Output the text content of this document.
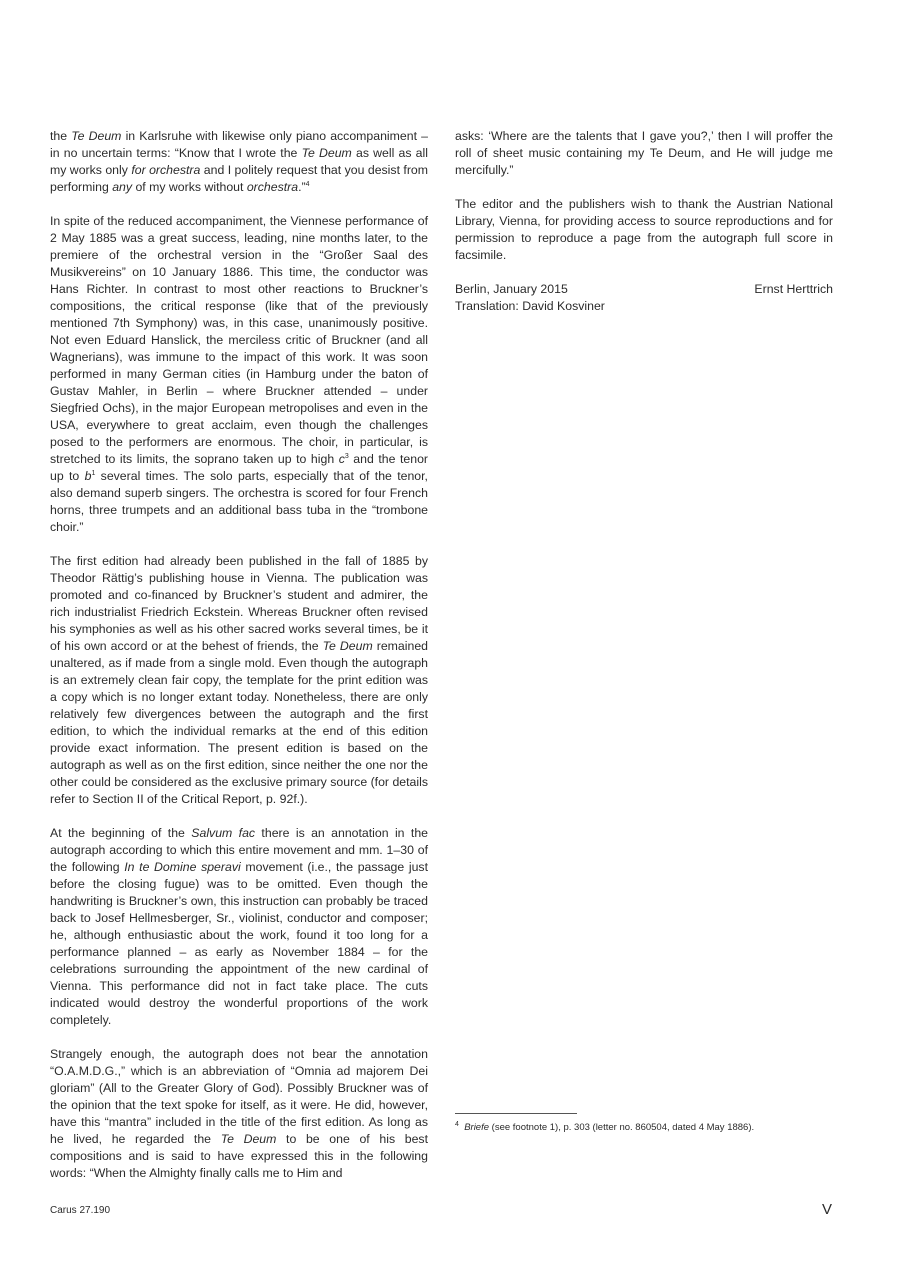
the Te Deum in Karlsruhe with likewise only piano accompaniment – in no uncertain terms: “Know that I wrote the Te Deum as well as all my works only for orchestra and I politely request that you desist from performing any of my works without orchestra.”$^4$

In spite of the reduced accompaniment, the Viennese performance of 2 May 1885 was a great success, leading, nine months later, to the premiere of the orchestral version in the “Großer Saal des Musikvereins” on 10 January 1886. This time, the conductor was Hans Richter. In contrast to most other reactions to Bruckner’s compositions, the critical response (like that of the previously mentioned 7th Symphony) was, in this case, unanimously positive. Not even Eduard Hanslick, the merciless critic of Bruckner (and all Wagnerians), was immune to the impact of this work. It was soon performed in many German cities (in Hamburg under the baton of Gustav Mahler, in Berlin – where Bruckner attended – under Siegfried Ochs), in the major European metropolises and even in the USA, everywhere to great acclaim, even though the challenges posed to the performers are enormous. The choir, in particular, is stretched to its limits, the soprano taken up to high $c^3$ and the tenor up to $b^1$ several times. The solo parts, especially that of the tenor, also demand superb singers. The orchestra is scored for four French horns, three trumpets and an additional bass tuba in the “trombone choir.”

The first edition had already been published in the fall of 1885 by Theodor Rättig’s publishing house in Vienna. The publication was promoted and co-financed by Bruckner’s student and admirer, the rich industrialist Friedrich Eckstein. Whereas Bruckner often revised his symphonies as well as his other sacred works several times, be it of his own accord or at the behest of friends, the Te Deum remained unaltered, as if made from a single mold. Even though the autograph is an extremely clean fair copy, the template for the print edition was a copy which is no longer extant today. Nonetheless, there are only relatively few divergences between the autograph and the first edition, to which the individual remarks at the end of this edition provide exact information. The present edition is based on the autograph as well as on the first edition, since neither the one nor the other could be considered as the exclusive primary source (for details refer to Section II of the Critical Report, p. 92f.).

At the beginning of the Salvum fac there is an annotation in the autograph according to which this entire movement and mm. 1–30 of the following In te Domine speravi movement (i.e., the passage just before the closing fugue) was to be omitted. Even though the handwriting is Bruckner’s own, this instruction can probably be traced back to Josef Hellmesberger, Sr., violinist, conductor and composer; he, although enthusiastic about the work, found it too long for a performance planned – as early as November 1884 – for the celebrations surrounding the appointment of the new cardinal of Vienna. This performance did not in fact take place. The cuts indicated would destroy the wonderful proportions of the work completely.

Strangely enough, the autograph does not bear the annotation “O.A.M.D.G.,” which is an abbreviation of “Omnia ad majorem Dei gloriam” (All to the Greater Glory of God). Possibly Bruckner was of the opinion that the text spoke for itself, as it were. He did, however, have this “mantra” included in the title of the first edition. As long as he lived, he regarded the Te Deum to be one of his best compositions and is said to have expressed this in the following words: “When the Almighty finally calls me to Him and

asks: ‘Where are the talents that I gave you?,’ then I will proffer the roll of sheet music containing my Te Deum, and He will judge me mercifully.”

The editor and the publishers wish to thank the Austrian National Library, Vienna, for providing access to source reproductions and for permission to reproduce a page from the autograph full score in facsimile.

Berlin, January 2015	Ernst Herttrich

Translation: David Kosviner

$^4$ Briefe (see footnote 1), p. 303 (letter no. 860504, dated 4 May 1886).
Carus 27.190	V
